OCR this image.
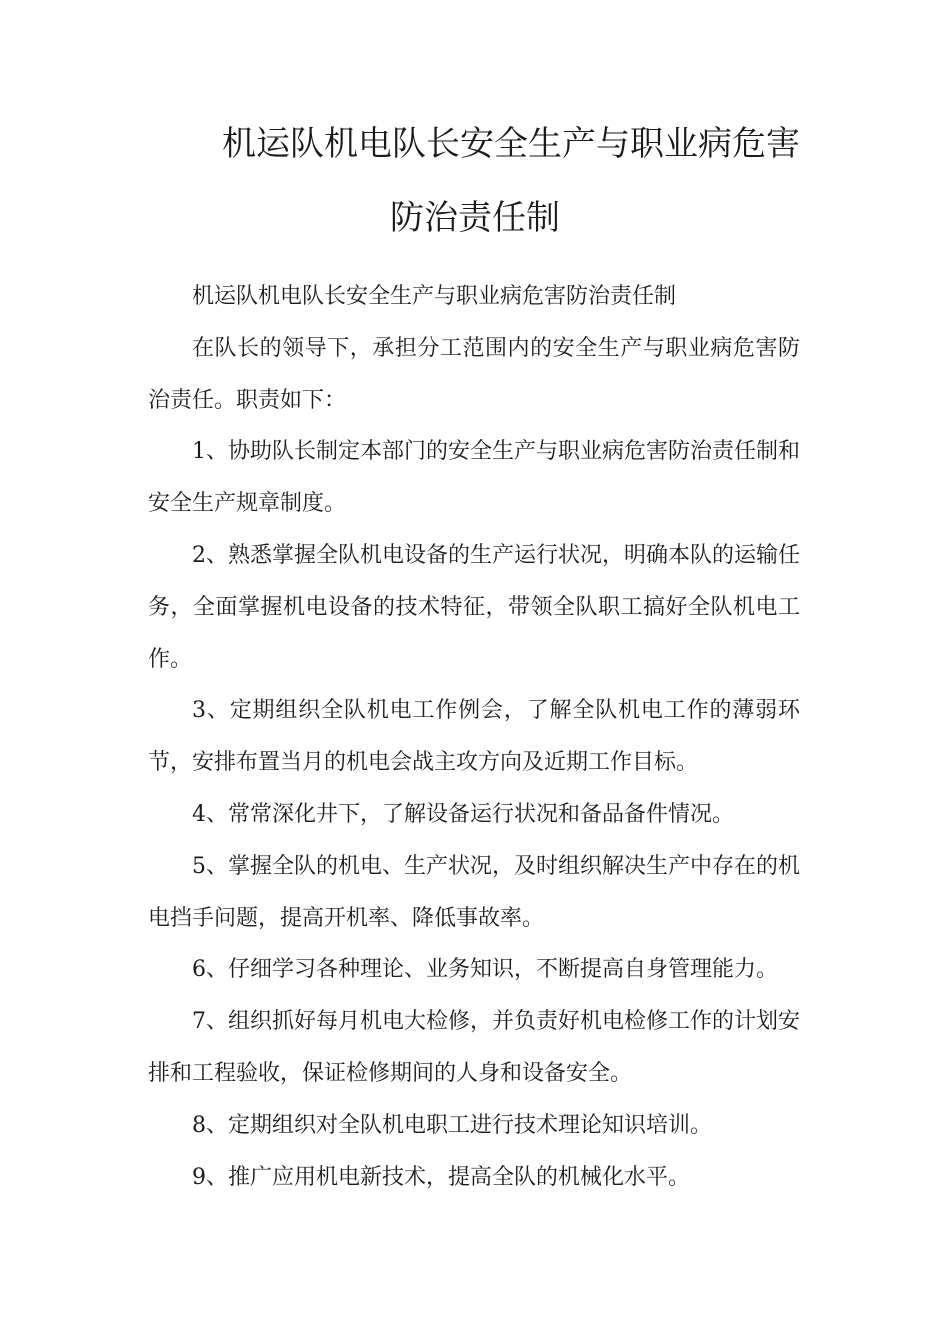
机运队机电队长安全生产与职业病危害
防治责任制

机运队机电队长安全生产与职业病危害防治责任制

在队长的领导下，承担分工范围内的安全生产与职业病危害防治责任。职责如下：

1、协助队长制定本部门的安全生产与职业病危害防治责任制和安全生产规章制度。

2、熟悉掌握全队机电设备的生产运行状况，明确本队的运输任务，全面掌握机电设备的技术特征，带领全队职工搞好全队机电工作。

3、定期组织全队机电工作例会，了解全队机电工作的薄弱环节，安排布置当月的机电会战主攻方向及近期工作目标。

4、常常深化井下，了解设备运行状况和备品备件情况。

5、掌握全队的机电、生产状况，及时组织解决生产中存在的机电挡手问题，提高开机率、降低事故率。

6、仔细学习各种理论、业务知识，不断提高自身管理能力。

7、组织抓好每月机电大检修，并负责好机电检修工作的计划安排和工程验收，保证检修期间的人身和设备安全。

8、定期组织对全队机电职工进行技术理论知识培训。

9、推广应用机电新技术，提高全队的机械化水平。
